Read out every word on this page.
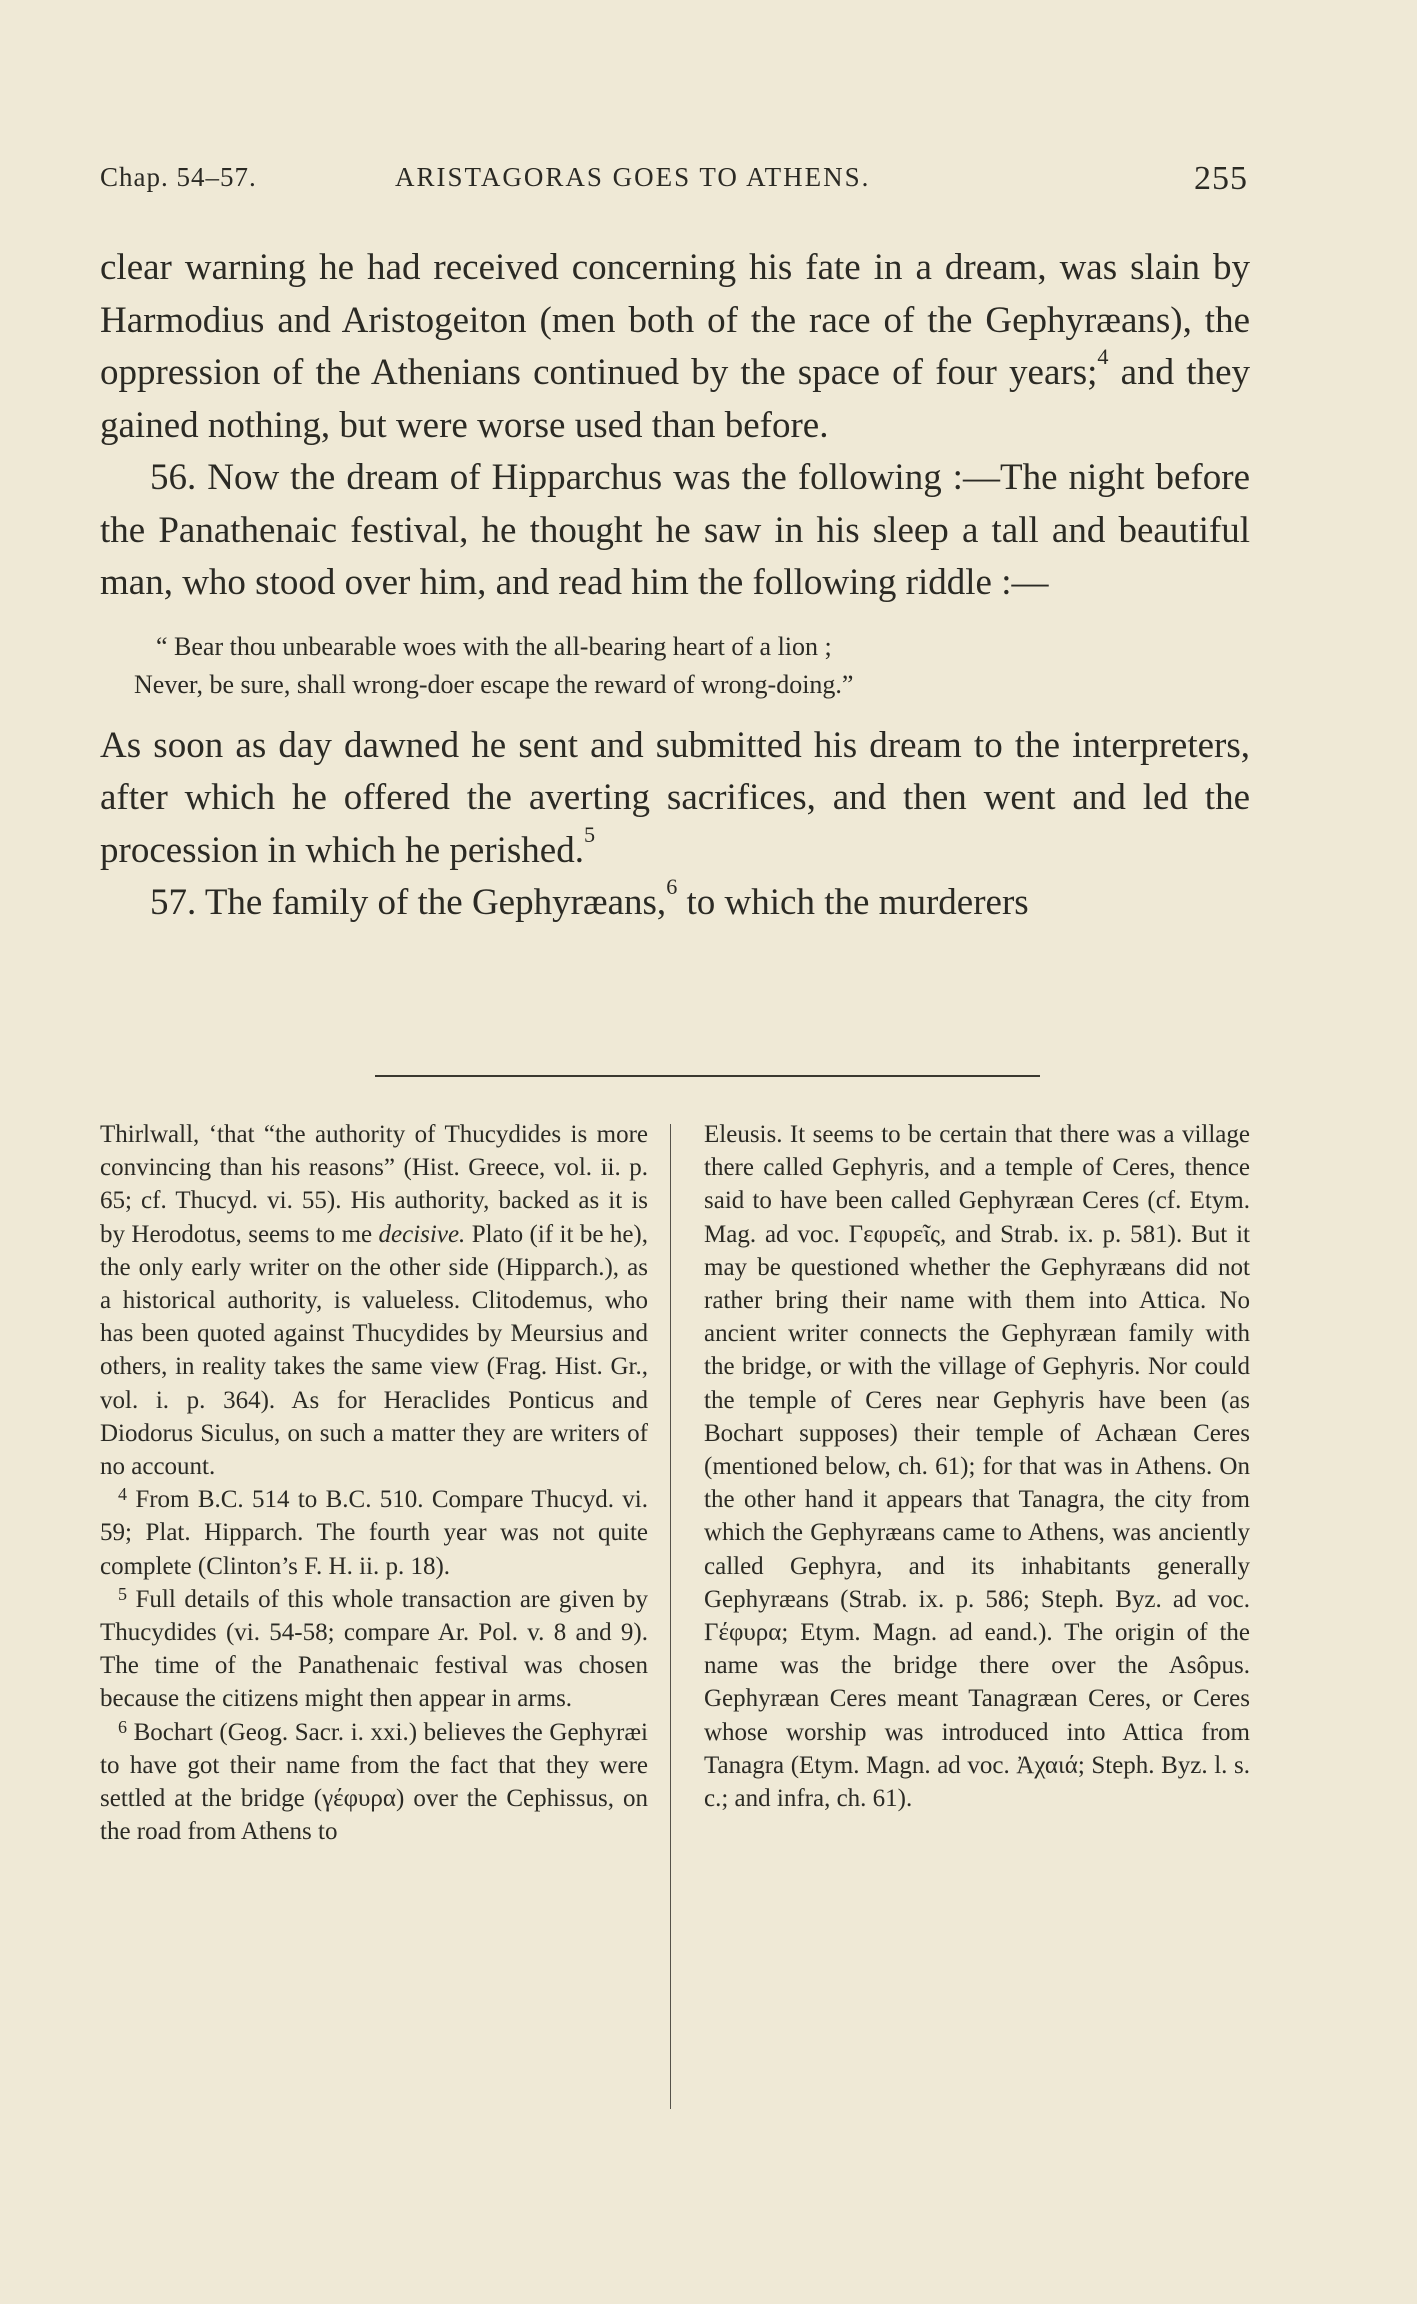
Chap. 54–57.	ARISTAGORAS GOES TO ATHENS.	255

clear warning he had received concerning his fate in a dream, was slain by Harmodius and Aristogeiton (men both of the race of the Gephyræans), the oppression of the Athenians continued by the space of four years;$^4$ and they gained nothing, but were worse used than before.

56. Now the dream of Hipparchus was the following :—The night before the Panathenaic festival, he thought he saw in his sleep a tall and beautiful man, who stood over him, and read him the following riddle :—

“ Bear thou unbearable woes with the all-bearing heart of a lion ;
Never, be sure, shall wrong-doer escape the reward of wrong-doing.”

As soon as day dawned he sent and submitted his dream to the interpreters, after which he offered the averting sacrifices, and then went and led the procession in which he perished.$^5$

57. The family of the Gephyræans,$^6$ to which the murderers

Thirlwall, ‘that “the authority of Thucydides is more convincing than his reasons” (Hist. Greece, vol. ii. p. 65; cf. Thucyd. vi. 55). His authority, backed as it is by Herodotus, seems to me decisive. Plato (if it be he), the only early writer on the other side (Hipparch.), as a historical authority, is valueless. Clitodemus, who has been quoted against Thucydides by Meursius and others, in reality takes the same view (Frag. Hist. Gr., vol. i. p. 364). As for Heraclides Ponticus and Diodorus Siculus, on such a matter they are writers of no account.

$^4$ From B.C. 514 to B.C. 510. Compare Thucyd. vi. 59; Plat. Hipparch. The fourth year was not quite complete (Clinton’s F. H. ii. p. 18).

$^5$ Full details of this whole transaction are given by Thucydides (vi. 54-58; compare Ar. Pol. v. 8 and 9). The time of the Panathenaic festival was chosen because the citizens might then appear in arms.

$^6$ Bochart (Geog. Sacr. i. xxi.) believes the Gephyræi to have got their name from the fact that they were settled at the bridge (γέφυρα) over the Cephissus, on the road from Athens to

Eleusis. It seems to be certain that there was a village there called Gephyris, and a temple of Ceres, thence said to have been called Gephyræan Ceres (cf. Etym. Mag. ad voc. Γεφυρεῖς, and Strab. ix. p. 581). But it may be questioned whether the Gephyræans did not rather bring their name with them into Attica. No ancient writer connects the Gephyræan family with the bridge, or with the village of Gephyris. Nor could the temple of Ceres near Gephyris have been (as Bochart supposes) their temple of Achæan Ceres (mentioned below, ch. 61); for that was in Athens. On the other hand it appears that Tanagra, the city from which the Gephyræans came to Athens, was anciently called Gephyra, and its inhabitants generally Gephyræans (Strab. ix. p. 586; Steph. Byz. ad voc. Γέφυρα; Etym. Magn. ad eand.). The origin of the name was the bridge there over the Asôpus. Gephyræan Ceres meant Tanagræan Ceres, or Ceres whose worship was introduced into Attica from Tanagra (Etym. Magn. ad voc. Ἀχαιά; Steph. Byz. l. s. c.; and infra, ch. 61).
